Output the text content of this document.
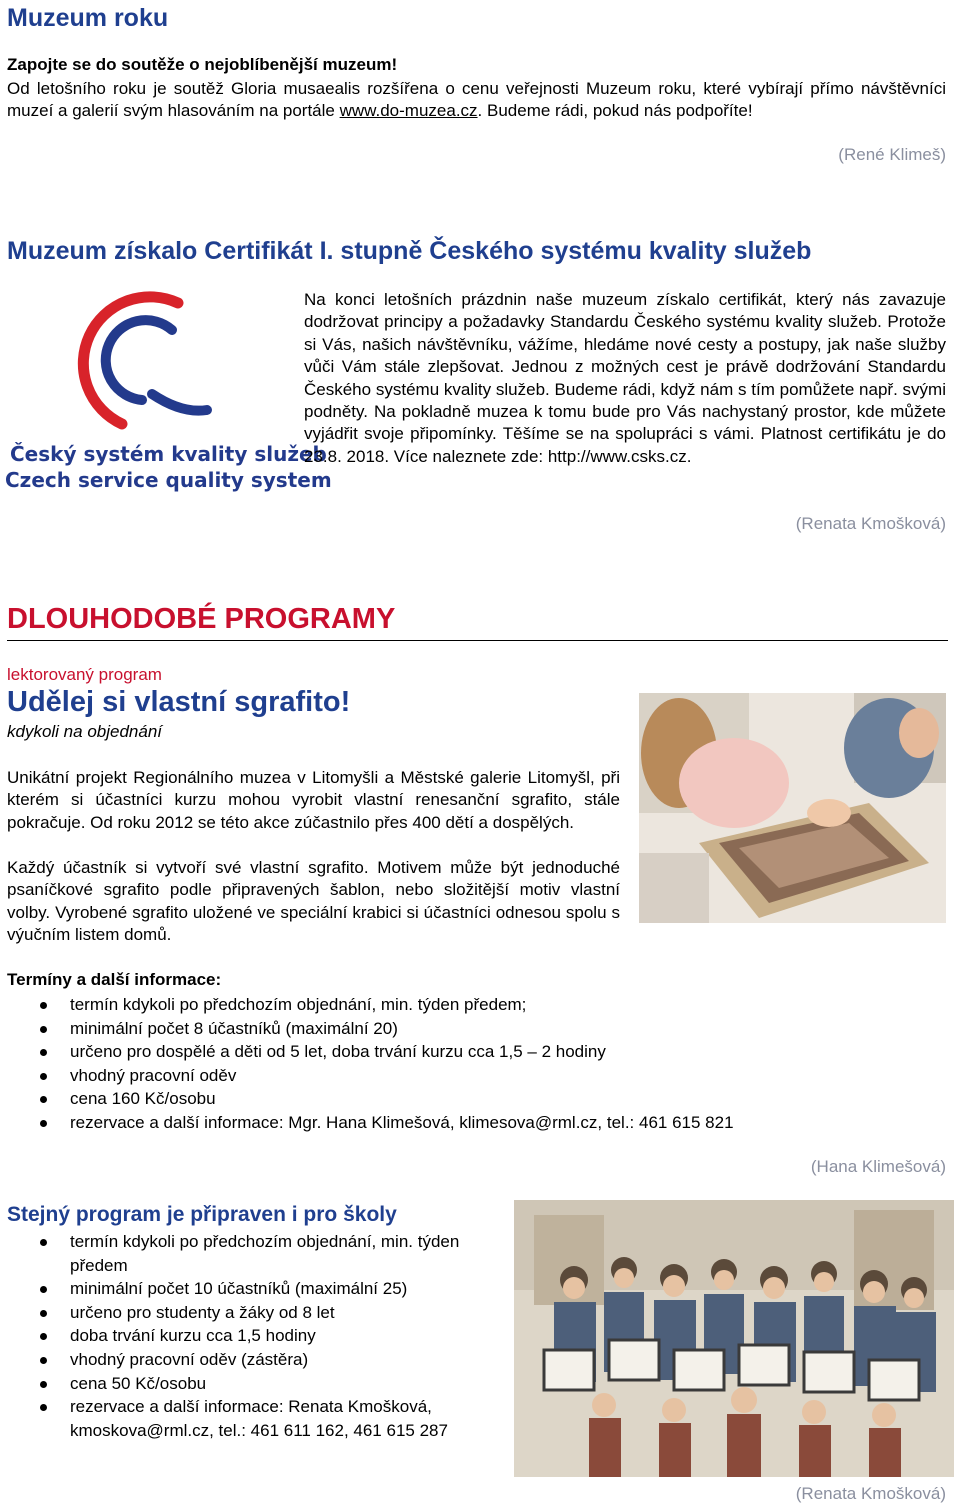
Muzeum roku
Zapojte se do soutěže o nejoblíbenější muzeum!
Od letošního roku je soutěž Gloria musaealis rozšířena o cenu veřejnosti Muzeum roku, které vybírají přímo návštěvníci muzeí a galerií svým hlasováním na portále www.do-muzea.cz. Budeme rádi, pokud nás podpoříte!
(René Klimeš)
Muzeum získalo Certifikát I. stupně Českého systému kvality služeb
Český systém kvality služeb
Czech service quality system
Na konci letošních prázdnin naše muzeum získalo certifikát, který nás zavazuje dodržovat principy a požadavky Standardu Českého systému kvality služeb. Protože si Vás, našich návštěvníku, vážíme, hledáme nové cesty a postupy, jak naše služby vůči Vám stále zlepšovat. Jednou z možných cest je právě dodržování Standardu Českého systému kvality služeb. Budeme rádi, když nám s tím pomůžete např. svými podněty. Na pokladně muzea k tomu bude pro Vás nachystaný prostor, kde můžete vyjádřit svoje připomínky. Těšíme se na spolupráci s vámi. Platnost certifikátu je do 23.8. 2018. Více naleznete zde: http://www.csks.cz.
(Renata Kmošková)
DLOUHODOBÉ PROGRAMY
lektorovaný program
Udělej si vlastní sgrafito!
kdykoli na objednání
Unikátní projekt Regionálního muzea v Litomyšli a Městské galerie Litomyšl, při kterém si účastníci kurzu mohou vyrobit vlastní renesanční sgrafito, stále pokračuje. Od roku 2012 se této akce zúčastnilo přes 400 dětí a dospělých.
Každý účastník si vytvoří své vlastní sgrafito. Motivem může být jednoduché psaníčkové sgrafito podle připravených šablon, nebo složitější motiv vlastní volby. Vyrobené sgrafito uložené ve speciální krabici si účastníci odnesou spolu s výučním listem domů.
Termíny a další informace:
termín kdykoli po předchozím objednání, min. týden předem;
minimální počet 8 účastníků (maximální 20)
určeno pro dospělé a děti od 5 let, doba trvání kurzu cca 1,5 – 2 hodiny
vhodný pracovní oděv
cena 160 Kč/osobu
rezervace a další informace: Mgr. Hana Klimešová, klimesova@rml.cz, tel.: 461 615 821
(Hana Klimešová)
Stejný program je připraven i pro školy
termín kdykoli po předchozím objednání, min. týden předem
minimální počet 10 účastníků (maximální 25)
určeno pro studenty a žáky od 8 let
doba trvání kurzu cca 1,5 hodiny
vhodný pracovní oděv (zástěra)
cena 50 Kč/osobu
rezervace a další informace: Renata Kmošková, kmoskova@rml.cz, tel.: 461 611 162, 461 615 287
(Renata Kmošková)
